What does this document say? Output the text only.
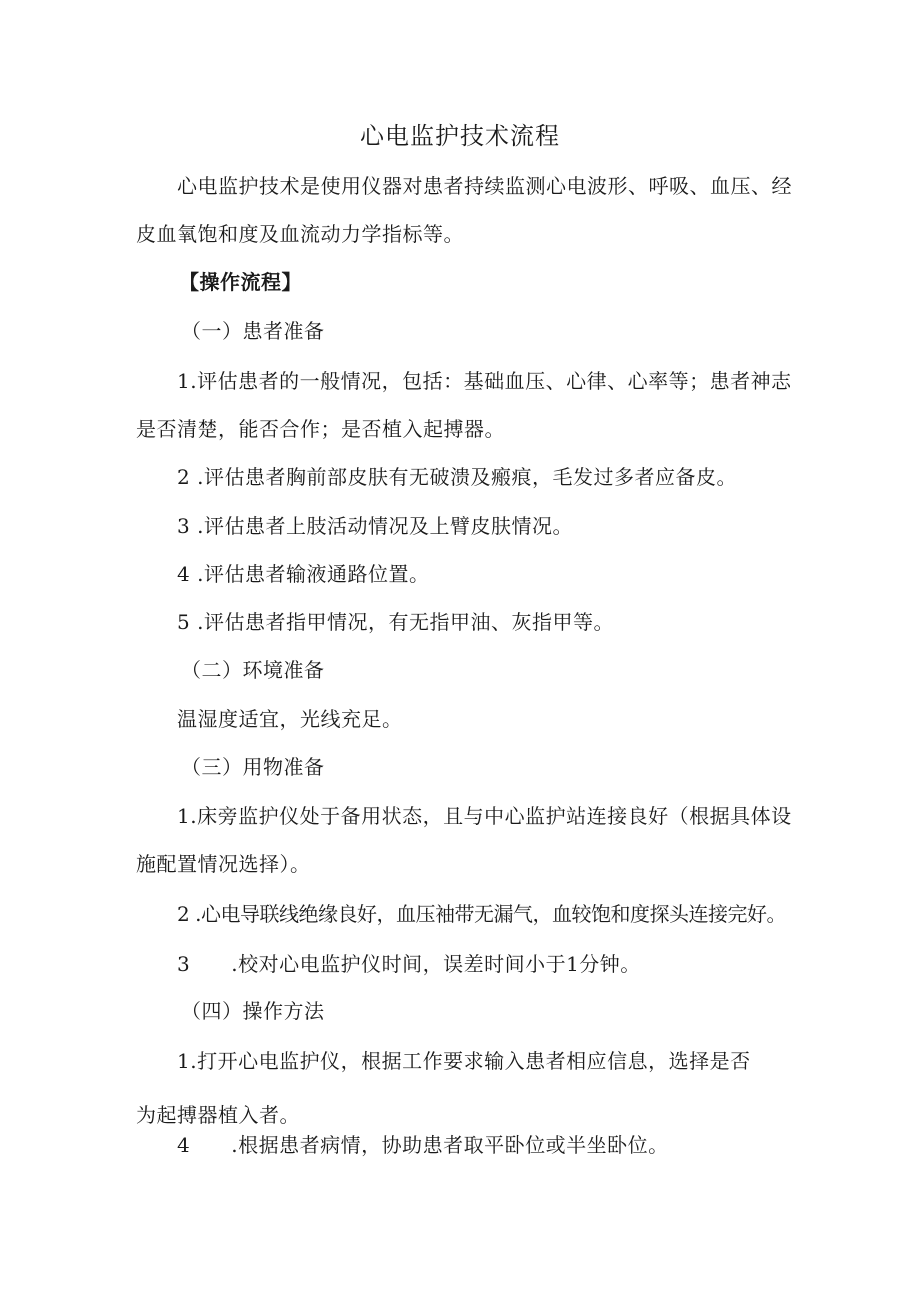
心电监护技术流程
心电监护技术是使用仪器对患者持续监测心电波形、呼吸、血压、经
皮血氧饱和度及血流动力学指标等。
【操作流程】
（一）患者准备
1.评估患者的一般情况，包括：基础血压、心律、心率等；患者神志
是否清楚，能否合作；是否植入起搏器。
2 .评估患者胸前部皮肤有无破溃及瘢痕，毛发过多者应备皮。
3 .评估患者上肢活动情况及上臂皮肤情况。
4 .评估患者输液通路位置。
5 .评估患者指甲情况，有无指甲油、灰指甲等。
（二）环境准备
温湿度适宜，光线充足。
（三）用物准备
1.床旁监护仪处于备用状态，且与中心监护站连接良好（根据具体设
施配置情况选择）。
2 .心电导联线绝缘良好，血压袖带无漏气，血较饱和度探头连接完好。
3　　.校对心电监护仪时间，误差时间小于1分钟。
（四）操作方法
1.打开心电监护仪，根据工作要求输入患者相应信息，选择是否
为起搏器植入者。
4　　.根据患者病情，协助患者取平卧位或半坐卧位。
